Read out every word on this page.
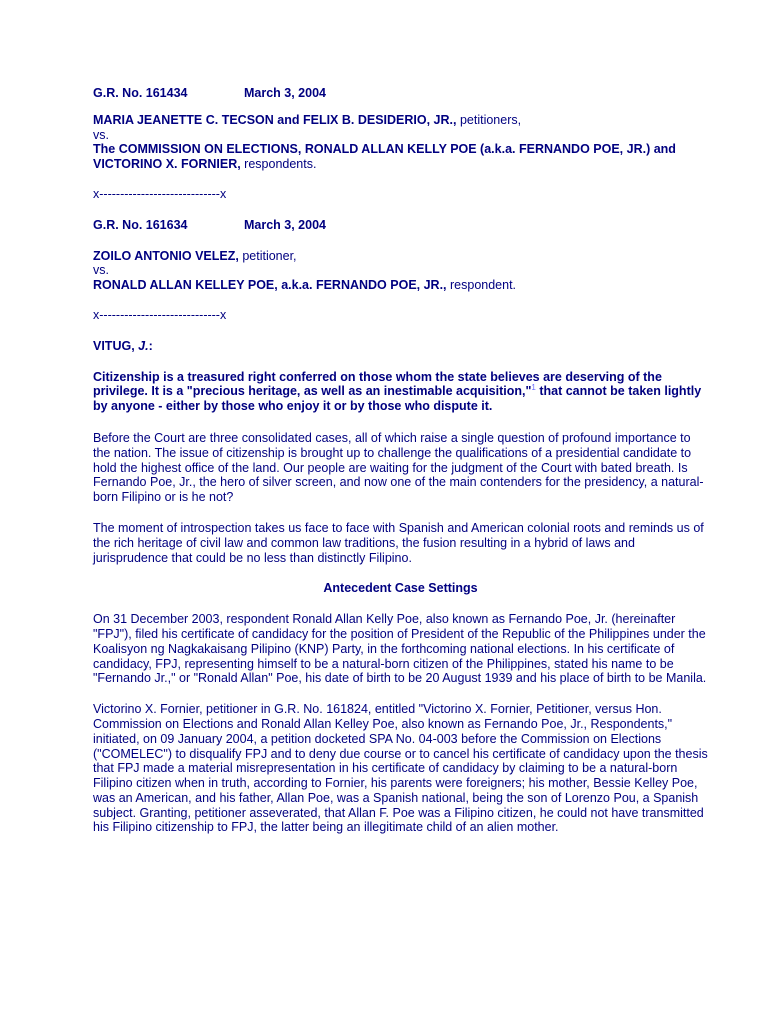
G.R. No. 161434	March 3, 2004
MARIA JEANETTE C. TECSON and FELIX B. DESIDERIO, JR., petitioners,
vs.
The COMMISSION ON ELECTIONS, RONALD ALLAN KELLY POE (a.k.a. FERNANDO POE, JR.) and VICTORINO X. FORNIER, respondents.
x-----------------------------x
G.R. No. 161634	March 3, 2004
ZOILO ANTONIO VELEZ, petitioner,
vs.
RONALD ALLAN KELLEY POE, a.k.a. FERNANDO POE, JR., respondent.
x-----------------------------x
VITUG, J.:

Citizenship is a treasured right conferred on those whom the state believes are deserving of the privilege. It is a "precious heritage, as well as an inestimable acquisition,"$^1$ that cannot be taken lightly by anyone - either by those who enjoy it or by those who dispute it.

Before the Court are three consolidated cases, all of which raise a single question of profound importance to the nation. The issue of citizenship is brought up to challenge the qualifications of a presidential candidate to hold the highest office of the land. Our people are waiting for the judgment of the Court with bated breath. Is Fernando Poe, Jr., the hero of silver screen, and now one of the main contenders for the presidency, a natural-born Filipino or is he not?

The moment of introspection takes us face to face with Spanish and American colonial roots and reminds us of the rich heritage of civil law and common law traditions, the fusion resulting in a hybrid of laws and jurisprudence that could be no less than distinctly Filipino.

Antecedent Case Settings

On 31 December 2003, respondent Ronald Allan Kelly Poe, also known as Fernando Poe, Jr. (hereinafter "FPJ"), filed his certificate of candidacy for the position of President of the Republic of the Philippines under the Koalisyon ng Nagkakaisang Pilipino (KNP) Party, in the forthcoming national elections. In his certificate of candidacy, FPJ, representing himself to be a natural-born citizen of the Philippines, stated his name to be "Fernando Jr.," or "Ronald Allan" Poe, his date of birth to be 20 August 1939 and his place of birth to be Manila.

Victorino X. Fornier, petitioner in G.R. No. 161824, entitled "Victorino X. Fornier, Petitioner, versus Hon. Commission on Elections and Ronald Allan Kelley Poe, also known as Fernando Poe, Jr., Respondents," initiated, on 09 January 2004, a petition docketed SPA No. 04-003 before the Commission on Elections ("COMELEC") to disqualify FPJ and to deny due course or to cancel his certificate of candidacy upon the thesis that FPJ made a material misrepresentation in his certificate of candidacy by claiming to be a natural-born Filipino citizen when in truth, according to Fornier, his parents were foreigners; his mother, Bessie Kelley Poe, was an American, and his father, Allan Poe, was a Spanish national, being the son of Lorenzo Pou, a Spanish subject. Granting, petitioner asseverated, that Allan F. Poe was a Filipino citizen, he could not have transmitted his Filipino citizenship to FPJ, the latter being an illegitimate child of an alien mother.
